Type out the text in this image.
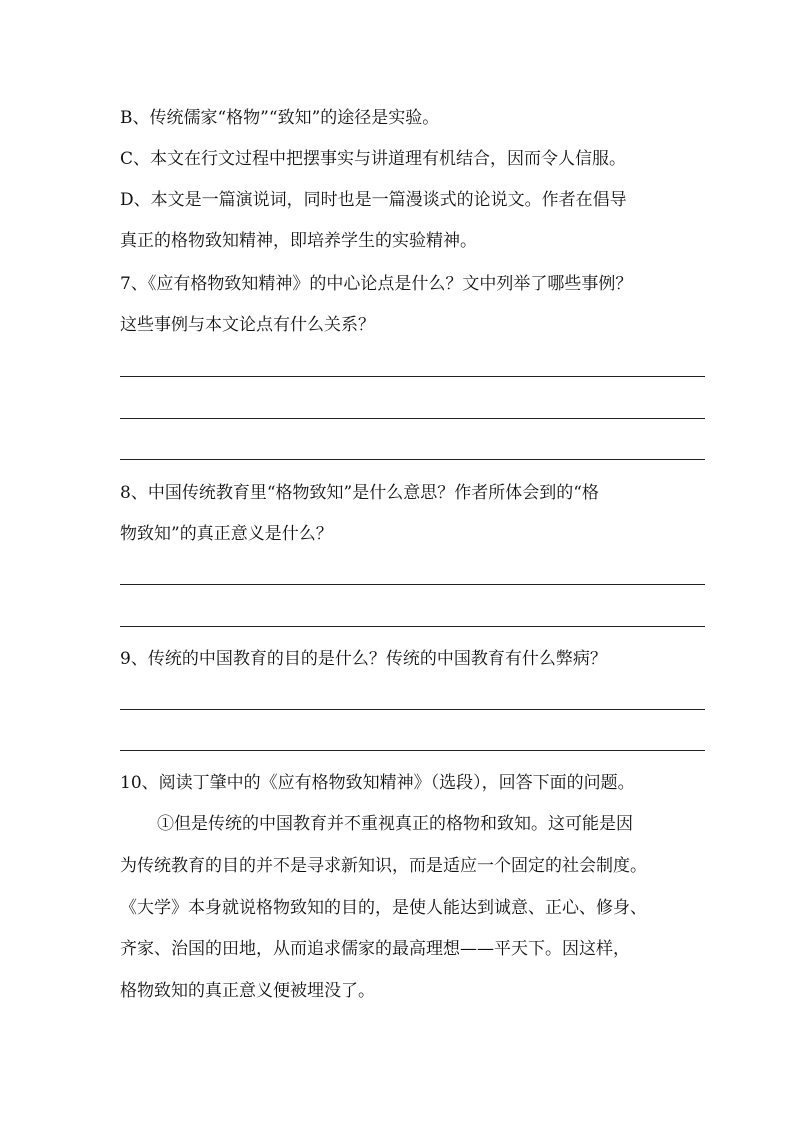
B、传统儒家“格物”“致知”的途径是实验。
C、本文在行文过程中把摆事实与讲道理有机结合，因而令人信服。
D、本文是一篇演说词，同时也是一篇漫谈式的论说文。作者在倡导
真正的格物致知精神，即培养学生的实验精神。
7、《应有格物致知精神》的中心论点是什么？文中列举了哪些事例？
这些事例与本文论点有什么关系？
8、中国传统教育里“格物致知”是什么意思？作者所体会到的“格
物致知”的真正意义是什么？
9、传统的中国教育的目的是什么？传统的中国教育有什么弊病？
10、阅读丁肇中的《应有格物致知精神》（选段），回答下面的问题。
①但是传统的中国教育并不重视真正的格物和致知。这可能是因
为传统教育的目的并不是寻求新知识，而是适应一个固定的社会制度。
《大学》本身就说格物致知的目的，是使人能达到诚意、正心、修身、
齐家、治国的田地，从而追求儒家的最高理想——平天下。因这样，
格物致知的真正意义便被埋没了。
